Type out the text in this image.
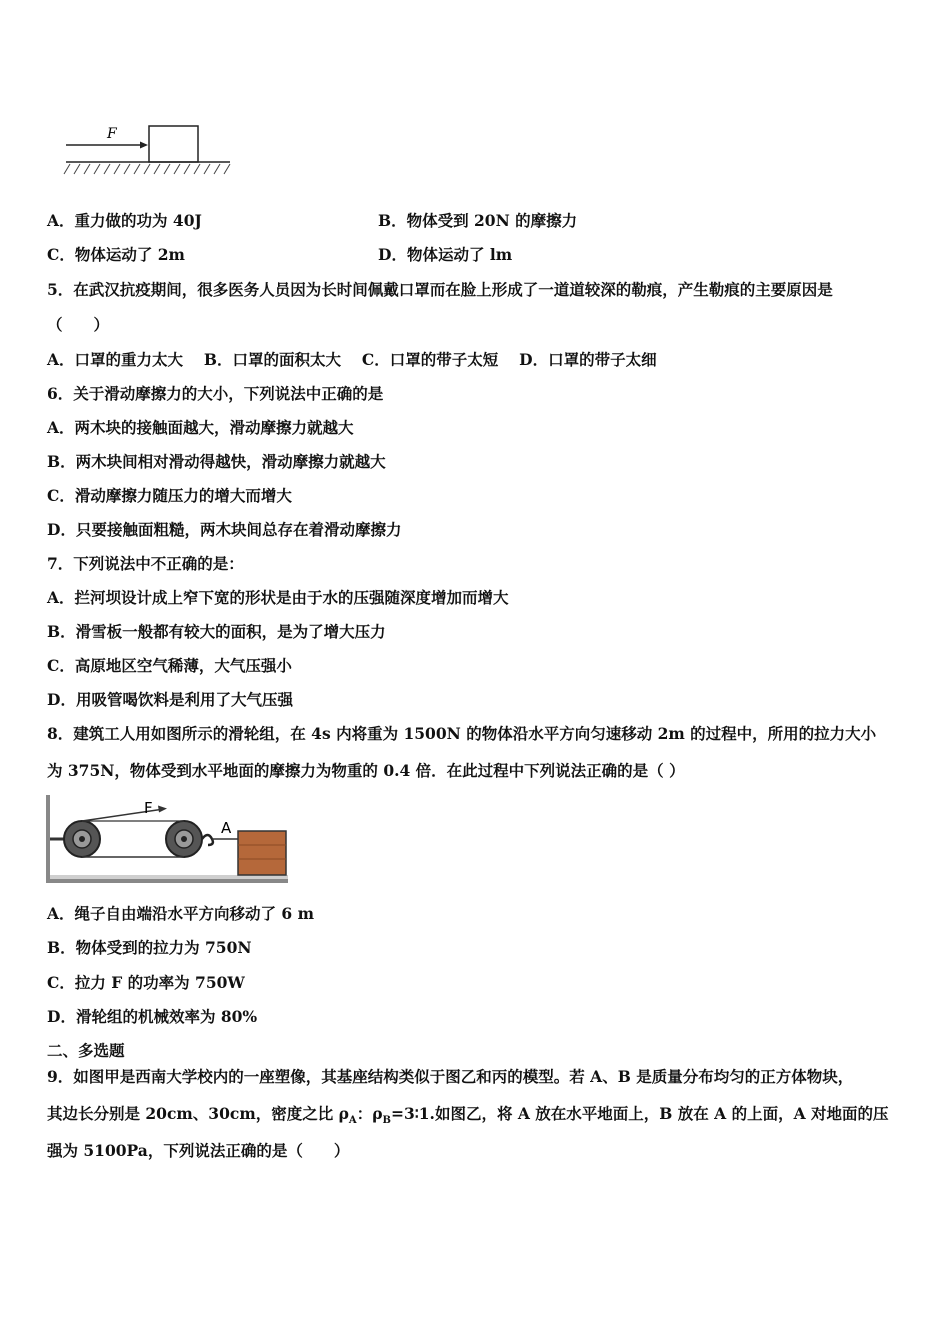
F
A．重力做的功为 40J	B．物体受到 20N 的摩擦力
C．物体运动了 2m	D．物体运动了 lm
5．在武汉抗疫期间，很多医务人员因为长时间佩戴口罩而在脸上形成了一道道较深的勒痕，产生勒痕的主要原因是
（　　）
A．口罩的重力太大　 B．口罩的面积太大　 C．口罩的带子太短　 D．口罩的带子太细
6．关于滑动摩擦力的大小，下列说法中正确的是
A．两木块的接触面越大，滑动摩擦力就越大
B．两木块间相对滑动得越快，滑动摩擦力就越大
C．滑动摩擦力随压力的增大而增大
D．只要接触面粗糙，两木块间总存在着滑动摩擦力
7．下列说法中不正确的是：
A．拦河坝设计成上窄下宽的形状是由于水的压强随深度增加而增大
B．滑雪板一般都有较大的面积，是为了增大压力
C．高原地区空气稀薄，大气压强小
D．用吸管喝饮料是利用了大气压强
8．建筑工人用如图所示的滑轮组，在 4s 内将重为 1500N 的物体沿水平方向匀速移动 2m 的过程中，所用的拉力大小
为 375N，物体受到水平地面的摩擦力为物重的 0.4 倍．在此过程中下列说法正确的是（ ）
F
A
A．绳子自由端沿水平方向移动了 6 m
B．物体受到的拉力为 750N
C．拉力 F 的功率为 750W
D．滑轮组的机械效率为 80%
二、多选题
9．如图甲是西南大学校内的一座塑像，其基座结构类似于图乙和丙的模型。若 A、B 是质量分布均匀的正方体物块，
其边长分别是 20cm、30cm，密度之比 $\rho_A$：$\rho_B=3∶1$.如图乙，将 A 放在水平地面上，B 放在 A 的上面，A 对地面的压
强为 5100Pa，下列说法正确的是（　　）
